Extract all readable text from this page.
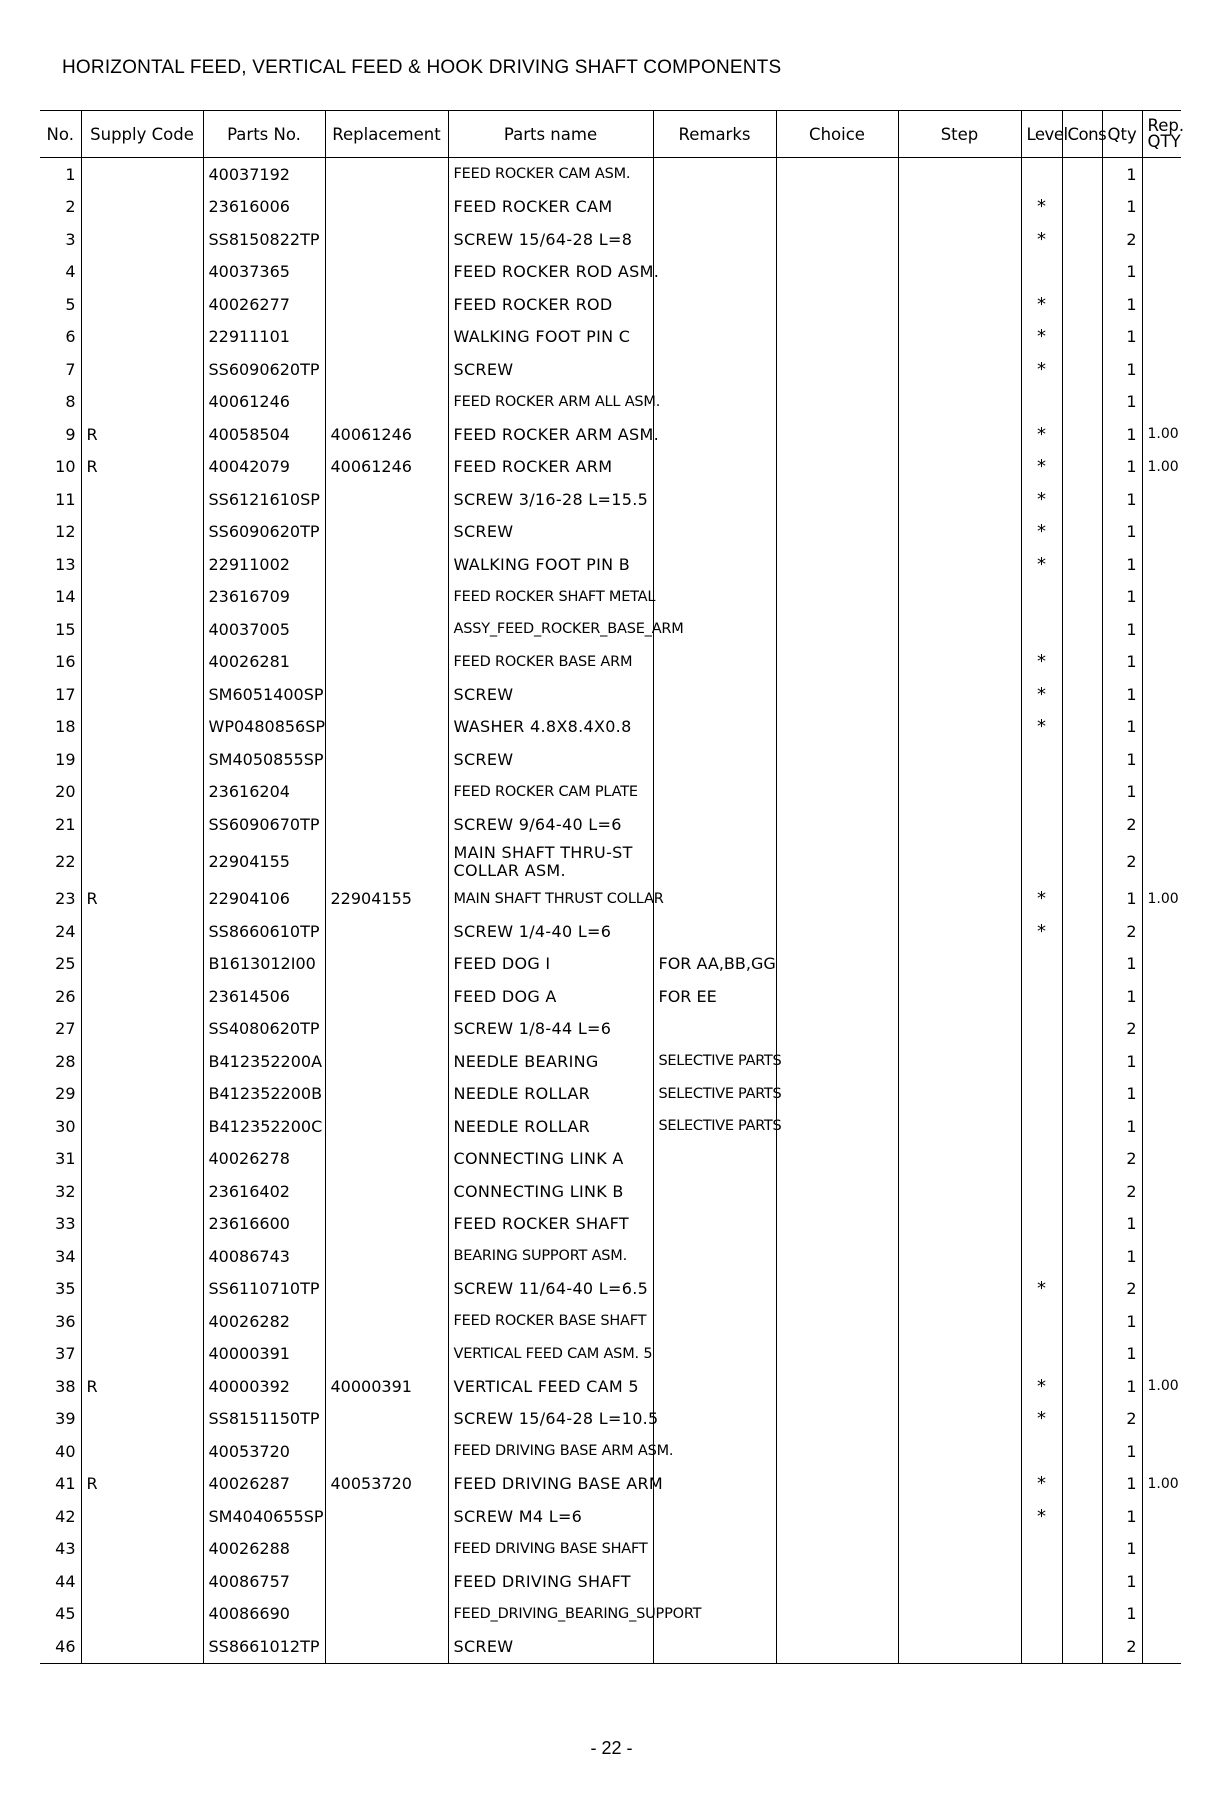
HORIZONTAL FEED, VERTICAL FEED & HOOK DRIVING SHAFT COMPONENTS
No.	Supply Code	Parts No.	Replacement	Parts name	Remarks	Choice	Step	Level	Cons	Qty	Rep.
QTY
1		40037192		FEED ROCKER CAM ASM.						1	
2		23616006		FEED ROCKER CAM				*		1	
3		SS8150822TP		SCREW 15/64-28 L=8				*		2	
4		40037365		FEED ROCKER ROD ASM.						1	
5		40026277		FEED ROCKER ROD				*		1	
6		22911101		WALKING FOOT PIN C				*		1	
7		SS6090620TP		SCREW				*		1	
8		40061246		FEED ROCKER ARM ALL ASM.						1	
9	R	40058504	40061246	FEED ROCKER ARM ASM.				*		1	1.00
10	R	40042079	40061246	FEED ROCKER ARM				*		1	1.00
11		SS6121610SP		SCREW 3/16-28 L=15.5				*		1	
12		SS6090620TP		SCREW				*		1	
13		22911002		WALKING FOOT PIN B				*		1	
14		23616709		FEED ROCKER SHAFT METAL						1	
15		40037005		ASSY_FEED_ROCKER_BASE_ARM						1	
16		40026281		FEED ROCKER BASE ARM				*		1	
17		SM6051400SP		SCREW				*		1	
18		WP0480856SP		WASHER 4.8X8.4X0.8				*		1	
19		SM4050855SP		SCREW						1	
20		23616204		FEED ROCKER CAM PLATE						1	
21		SS6090670TP		SCREW 9/64-40 L=6						2	
22		22904155		MAIN SHAFT THRU-ST COLLAR ASM.						2	
23	R	22904106	22904155	MAIN SHAFT THRUST COLLAR				*		1	1.00
24		SS8660610TP		SCREW 1/4-40 L=6				*		2	
25		B1613012I00		FEED DOG I	FOR AA,BB,GG					1	
26		23614506		FEED DOG A	FOR EE					1	
27		SS4080620TP		SCREW 1/8-44 L=6						2	
28		B412352200A		NEEDLE BEARING	SELECTIVE PARTS					1	
29		B412352200B		NEEDLE ROLLAR	SELECTIVE PARTS					1	
30		B412352200C		NEEDLE ROLLAR	SELECTIVE PARTS					1	
31		40026278		CONNECTING LINK A						2	
32		23616402		CONNECTING LINK B						2	
33		23616600		FEED ROCKER SHAFT						1	
34		40086743		BEARING SUPPORT ASM.						1	
35		SS6110710TP		SCREW 11/64-40 L=6.5				*		2	
36		40026282		FEED ROCKER BASE SHAFT						1	
37		40000391		VERTICAL FEED CAM ASM. 5						1	
38	R	40000392	40000391	VERTICAL FEED CAM 5				*		1	1.00
39		SS8151150TP		SCREW 15/64-28 L=10.5				*		2	
40		40053720		FEED DRIVING BASE ARM ASM.						1	
41	R	40026287	40053720	FEED DRIVING BASE ARM				*		1	1.00
42		SM4040655SP		SCREW M4 L=6				*		1	
43		40026288		FEED DRIVING BASE SHAFT						1	
44		40086757		FEED DRIVING SHAFT						1	
45		40086690		FEED_DRIVING_BEARING_SUPPORT						1	
46		SS8661012TP		SCREW						2	
- 22 -
